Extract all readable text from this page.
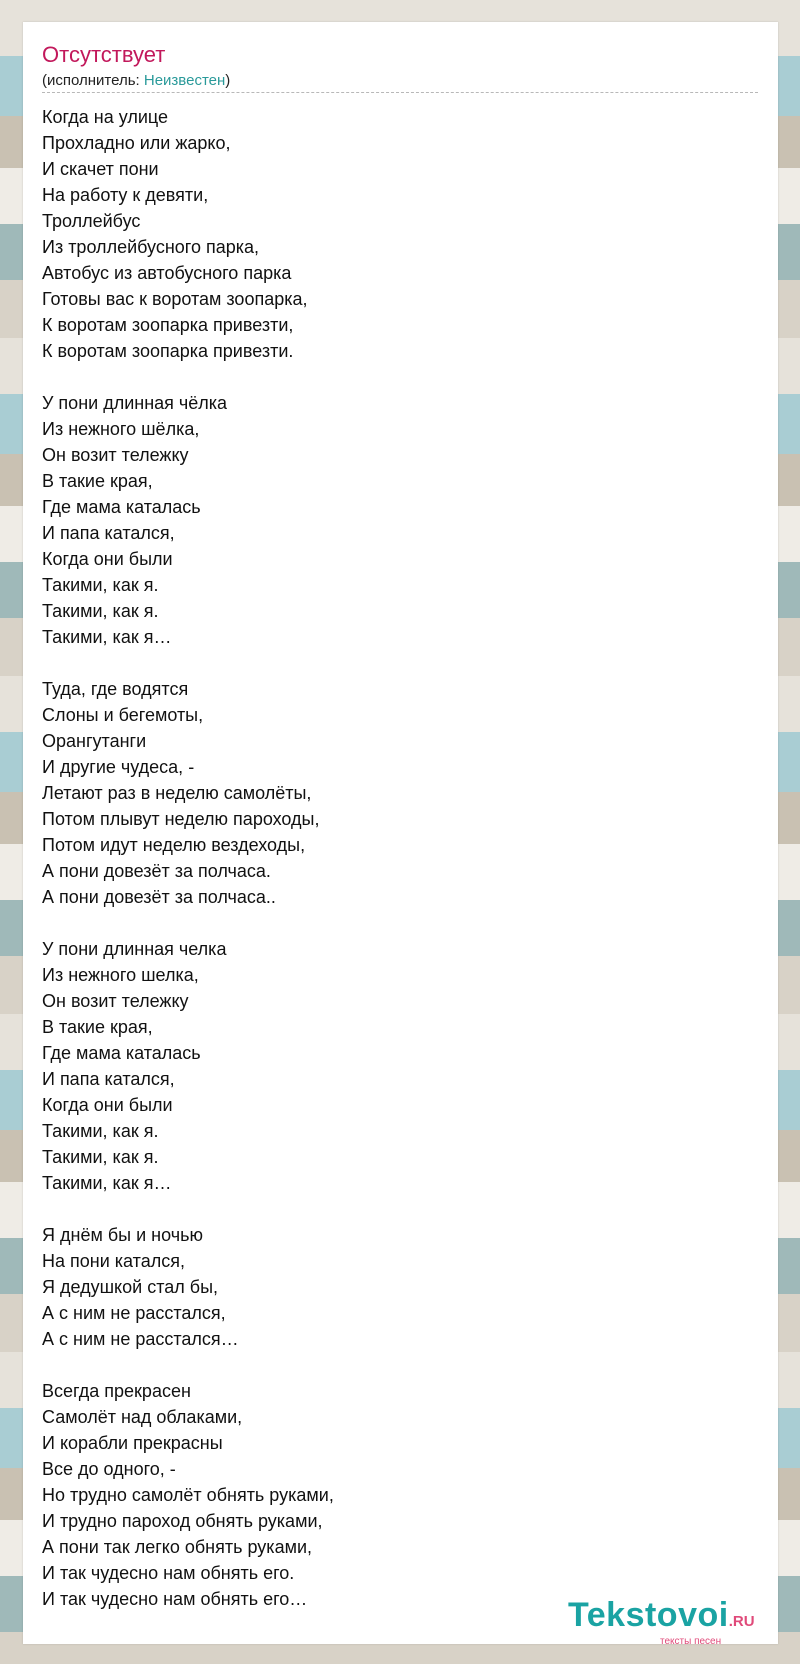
Отсутствует
(исполнитель: Неизвестен)
Когда на улице
Прохладно или жарко,
И скачет пони
На работу к девяти,
Троллейбус
Из троллейбусного парка,
Автобус из автобусного парка
Готовы вас к воротам зоопарка,
К воротам зоопарка привезти,
К воротам зоопарка привезти.
У пони длинная чёлка
Из нежного шёлка,
Он возит тележку
В такие края,
Где мама каталась
И папа катался,
Когда они были
Такими, как я.
Такими, как я.
Такими, как я…
Туда, где водятся
Слоны и бегемоты,
Орангутанги
И другие чудеса, -
Летают раз в неделю самолёты,
Потом плывут неделю пароходы,
Потом идут неделю вездеходы,
А пони довезёт за полчаса.
А пони довезёт за полчаса..
У пони длинная челка
Из нежного шелка,
Он возит тележку
В такие края,
Где мама каталась
И папа катался,
Когда они были
Такими, как я.
Такими, как я.
Такими, как я…
Я днём бы и ночью
На пони катался,
Я дедушкой стал бы,
А с ним не расстался,
А с ним не расстался…
Всегда прекрасен
Самолёт над облаками,
И корабли прекрасны
Все до одного, -
Но трудно самолёт обнять руками,
И трудно пароход обнять руками,
А пони так легко обнять руками,
И так чудесно нам обнять его.
И так чудесно нам обнять его…	Tekstovoi.RU
тексты песен
